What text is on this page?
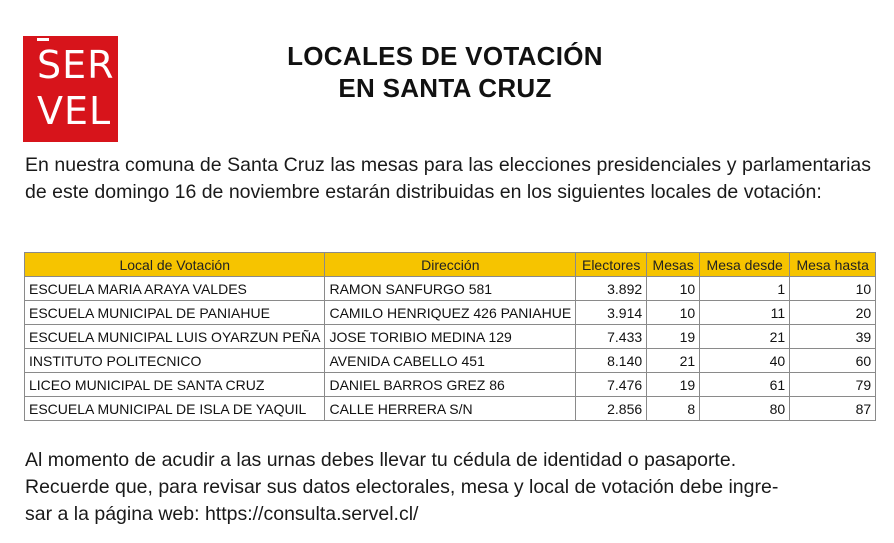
SER
VEL
LOCALES DE VOTACIÓN
EN SANTA CRUZ
En nuestra comuna de Santa Cruz las mesas para las elecciones presidenciales y parlamentarias de este domingo 16 de noviembre estarán distribuidas en los siguientes locales de votación:
Local de Votación	Dirección	Electores	Mesas	Mesa desde	Mesa hasta
ESCUELA MARIA ARAYA VALDES	RAMON SANFURGO 581	3.892	10	1	10
ESCUELA MUNICIPAL DE PANIAHUE	CAMILO HENRIQUEZ 426 PANIAHUE	3.914	10	11	20
ESCUELA MUNICIPAL LUIS OYARZUN PEÑA	JOSE TORIBIO MEDINA 129	7.433	19	21	39
INSTITUTO POLITECNICO	AVENIDA CABELLO 451	8.140	21	40	60
LICEO MUNICIPAL DE SANTA CRUZ	DANIEL BARROS GREZ 86	7.476	19	61	79
ESCUELA MUNICIPAL DE ISLA DE YAQUIL	CALLE HERRERA S/N	2.856	8	80	87
Al momento de acudir a las urnas debes llevar tu cédula de identidad o pasaporte.
Recuerde que, para revisar sus datos electorales, mesa y local de votación debe ingre-
sar a la página web: https://consulta.servel.cl/
